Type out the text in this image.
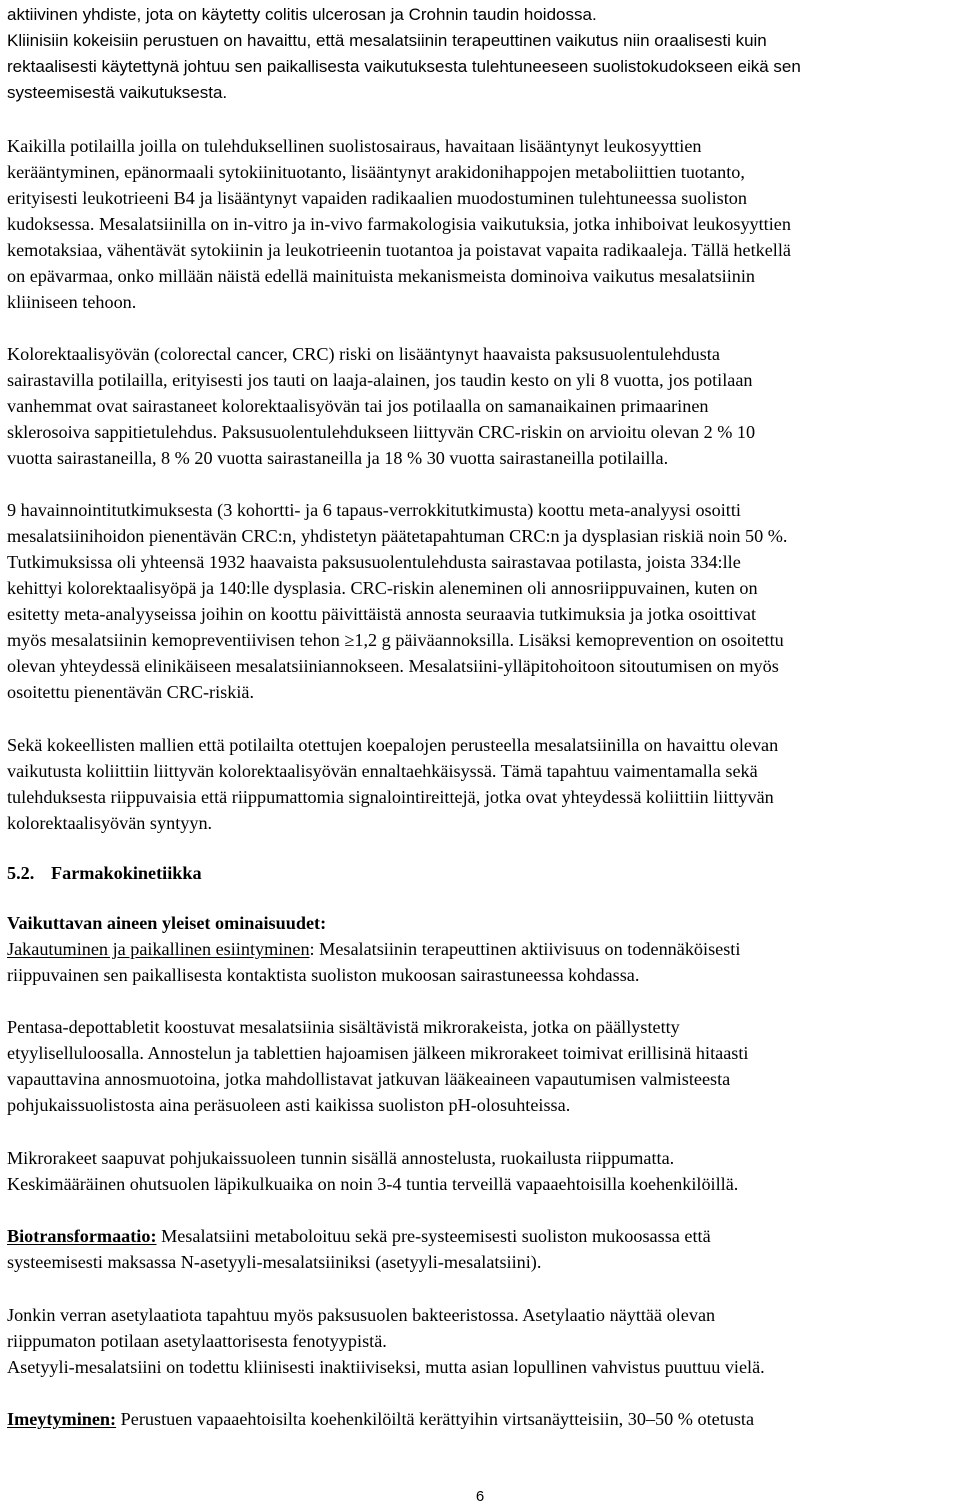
aktiivinen yhdiste, jota on käytetty colitis ulcerosan ja Crohnin taudin hoidossa.
Kliinisiin kokeisiin perustuen on havaittu, että mesalatsiinin terapeuttinen vaikutus niin oraalisesti kuin
rektaalisesti käytettynä johtuu sen paikallisesta vaikutuksesta tulehtuneeseen suolistokudokseen eikä sen
systeemisestä vaikutuksesta.
Kaikilla potilailla joilla on tulehduksellinen suolistosairaus, havaitaan lisääntynyt leukosyyttien
kerääntyminen, epänormaali sytokiinituotanto, lisääntynyt arakidonihappojen metaboliittien tuotanto,
erityisesti leukotrieeni B4 ja lisääntynyt vapaiden radikaalien muodostuminen tulehtuneessa suoliston
kudoksessa. Mesalatsiinilla on in-vitro ja in-vivo farmakologisia vaikutuksia, jotka inhiboivat leukosyyttien
kemotaksiaa, vähentävät sytokiinin ja leukotrieenin tuotantoa ja poistavat vapaita radikaaleja. Tällä hetkellä
on epävarmaa, onko millään näistä edellä mainituista mekanismeista dominoiva vaikutus mesalatsiinin
kliiniseen tehoon.
Kolorektaalisyövän (colorectal cancer, CRC) riski on lisääntynyt haavaista paksusuolentulehdusta
sairastavilla potilailla, erityisesti jos tauti on laaja-alainen, jos taudin kesto on yli 8 vuotta, jos potilaan
vanhemmat ovat sairastaneet kolorektaalisyövän tai jos potilaalla on samanaikainen primaarinen
sklerosoiva sappitietulehdus. Paksusuolentulehdukseen liittyvän CRC-riskin on arvioitu olevan 2 % 10
vuotta sairastaneilla, 8 % 20 vuotta sairastaneilla ja 18 % 30 vuotta sairastaneilla potilailla.
9 havainnointitutkimuksesta (3 kohortti- ja 6 tapaus-verrokkitutkimusta) koottu meta-analyysi osoitti
mesalatsiinihoidon pienentävän CRC:n, yhdistetyn päätetapahtuman CRC:n ja dysplasian riskiä noin 50 %.
Tutkimuksissa oli yhteensä 1932 haavaista paksusuolentulehdusta sairastavaa potilasta, joista 334:lle
kehittyi kolorektaalisyöpä ja 140:lle dysplasia. CRC-riskin aleneminen oli annosriippuvainen, kuten on
esitetty meta-analyyseissa joihin on koottu päivittäistä annosta seuraavia tutkimuksia ja jotka osoittivat
myös mesalatsiinin kemopreventiivisen tehon ≥1,2 g päiväannoksilla. Lisäksi kemoprevention on osoitettu
olevan yhteydessä elinikäiseen mesalatsiiniannokseen. Mesalatsiini-ylläpitohoitoon sitoutumisen on myös
osoitettu pienentävän CRC-riskiä.
Sekä kokeellisten mallien että potilailta otettujen koepalojen perusteella mesalatsiinilla on havaittu olevan
vaikutusta koliittiin liittyvän kolorektaalisyövän ennaltaehkäisyssä. Tämä tapahtuu vaimentamalla sekä
tulehduksesta riippuvaisia että riippumattomia signalointireittejä, jotka ovat yhteydessä koliittiin liittyvän
kolorektaalisyövän syntyyn.
5.2. Farmakokinetiikka
Vaikuttavan aineen yleiset ominaisuudet:
Jakautuminen ja paikallinen esiintyminen: Mesalatsiinin terapeuttinen aktiivisuus on todennäköisesti
riippuvainen sen paikallisesta kontaktista suoliston mukoosan sairastuneessa kohdassa.
Pentasa-depottabletit koostuvat mesalatsiinia sisältävistä mikrorakeista, jotka on päällystetty
etyyliselluloosalla. Annostelun ja tablettien hajoamisen jälkeen mikrorakeet toimivat erillisinä hitaasti
vapauttavina annosmuotoina, jotka mahdollistavat jatkuvan lääkeaineen vapautumisen valmisteesta
pohjukaissuolistosta aina peräsuoleen asti kaikissa suoliston pH-olosuhteissa.
Mikrorakeet saapuvat pohjukaissuoleen tunnin sisällä annostelusta, ruokailusta riippumatta.
Keskimääräinen ohutsuolen läpikulkuaika on noin 3-4 tuntia terveillä vapaaehtoisilla koehenkilöillä.
Biotransformaatio: Mesalatsiini metaboloituu sekä pre-systeemisesti suoliston mukoosassa että
systeemisesti maksassa N-asetyyli-mesalatsiiniksi (asetyyli-mesalatsiini).
Jonkin verran asetylaatiota tapahtuu myös paksusuolen bakteeristossa. Asetylaatio näyttää olevan
riippumaton potilaan asetylaattorisesta fenotyypistä.
Asetyyli-mesalatsiini on todettu kliinisesti inaktiiviseksi, mutta asian lopullinen vahvistus puuttuu vielä.
Imeytyminen: Perustuen vapaaehtoisilta koehenkilöiltä kerättyihin virtsanäytteisiin, 30–50 % otetusta
6
